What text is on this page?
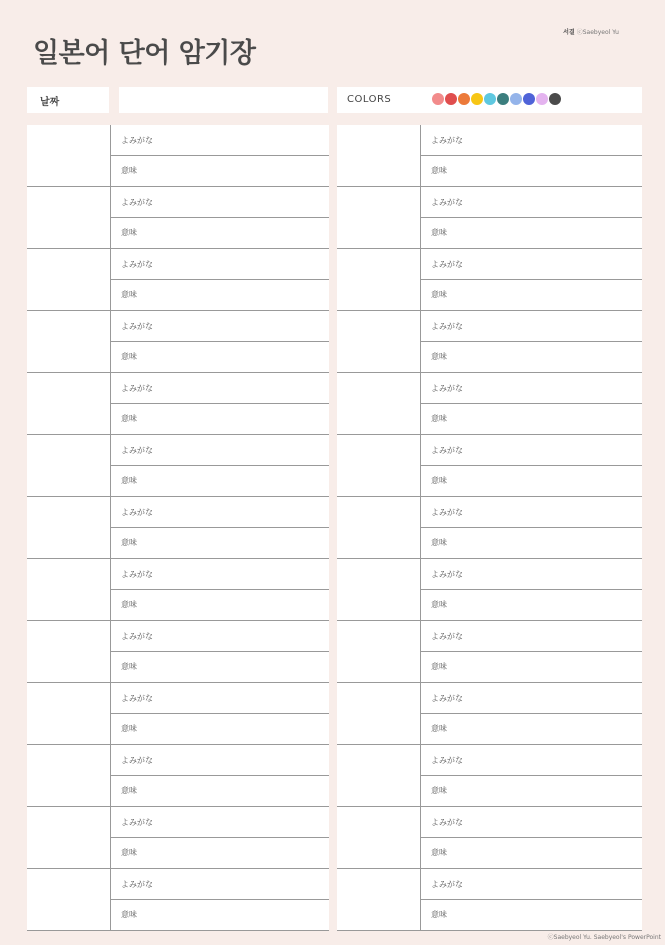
서결 ⓒSaebyeol Yu
일본어 단어 암기장
날짜	COLORS
よみがな
意味
よみがな
意味
よみがな
意味
よみがな
意味
よみがな
意味
よみがな
意味
よみがな
意味
よみがな
意味
よみがな
意味
よみがな
意味
よみがな
意味
よみがな
意味
よみがな
意味
よみがな
意味
よみがな
意味
よみがな
意味
よみがな
意味
よみがな
意味
よみがな
意味
よみがな
意味
よみがな
意味
よみがな
意味
よみがな
意味
よみがな
意味
よみがな
意味
よみがな
意味
ⓒSaebyeol Yu. Saebyeol's PowerPoint
